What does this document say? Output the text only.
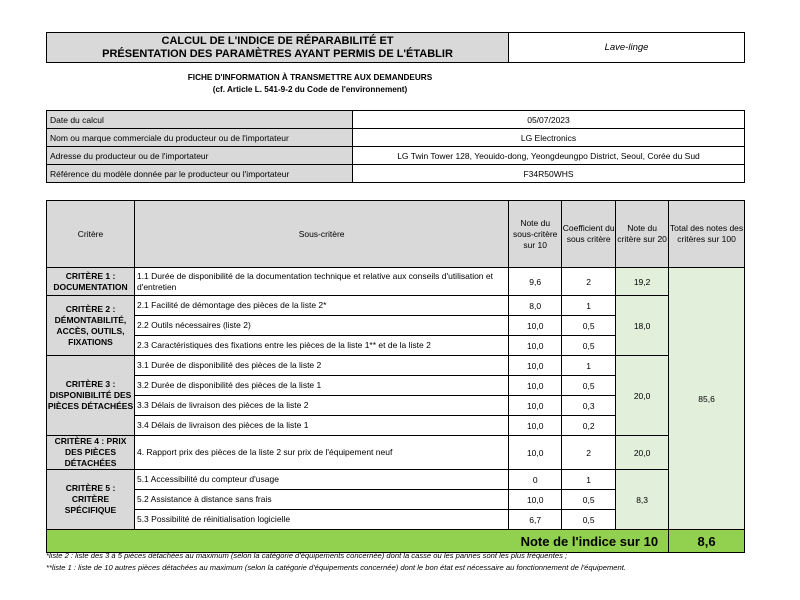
CALCUL DE L'INDICE DE RÉPARABILITÉ ET
PRÉSENTATION DES PARAMÈTRES AYANT PERMIS DE L'ÉTABLIR	Lave-linge
FICHE D'INFORMATION À TRANSMETTRE AUX DEMANDEURS
(cf. Article L. 541-9-2 du Code de l'environnement)
Date du calcul	05/07/2023
Nom ou marque commerciale du producteur ou de l'importateur	LG Electronics
Adresse du producteur ou de l'importateur	LG Twin Tower 128, Yeouido-dong, Yeongdeungpo District, Seoul, Corée du Sud
Référence du modèle donnée par le producteur ou l'importateur	F34R50WHS
Critère	Sous-critère	Note du sous-critère sur 10	Coefficient du sous critère	Note du critère sur 20	Total des notes des critères sur 100
CRITÈRE 1 : DOCUMENTATION	1.1 Durée de disponibilité de la documentation technique et relative aux conseils d'utilisation et d'entretien	9,6	2	19,2	85,6
CRITÈRE 2 : DÉMONTABILITÉ, ACCÈS, OUTILS, FIXATIONS	2.1 Facilité de démontage des pièces de la liste 2*	8,0	1	18,0	
	2.2 Outils nécessaires (liste 2)	10,0	0,5		
	2.3 Caractéristiques des fixations entre les pièces de la liste 1** et de la liste 2	10,0	0,5		
CRITÈRE 3 : DISPONIBILITÉ DES PIÈCES DÉTACHÉES	3.1 Durée de disponibilité des pièces de la liste 2	10,0	1	20,0	
	3.2 Durée de disponibilité des pièces de la liste 1	10,0	0,5		
	3.3 Délais de livraison des pièces de la liste 2	10,0	0,3		
	3.4 Délais de livraison des pièces de la liste 1	10,0	0,2		
CRITÈRE 4 : PRIX DES PIÈCES DÉTACHÉES	4. Rapport prix des pièces de la liste 2 sur prix de l'équipement neuf	10,0	2	20,0	
CRITÈRE 5 : CRITÈRE SPÉCIFIQUE	5.1 Accessibilité du compteur d'usage	0	1	8,3	
	5.2 Assistance à distance sans frais	10,0	0,5		
	5.3 Possibilité de réinitialisation logicielle	6,7	0,5		
Note de l'indice sur 10					8,6
*liste 2 : liste des 3 à 5 pièces détachées au maximum (selon la catégorie d'équipements concernée) dont la casse ou les pannes sont les plus fréquentes ;
**liste 1 : liste de 10 autres pièces détachées au maximum (selon la catégorie d'équipements concernée) dont le bon état est nécessaire au fonctionnement de l'équipement.
